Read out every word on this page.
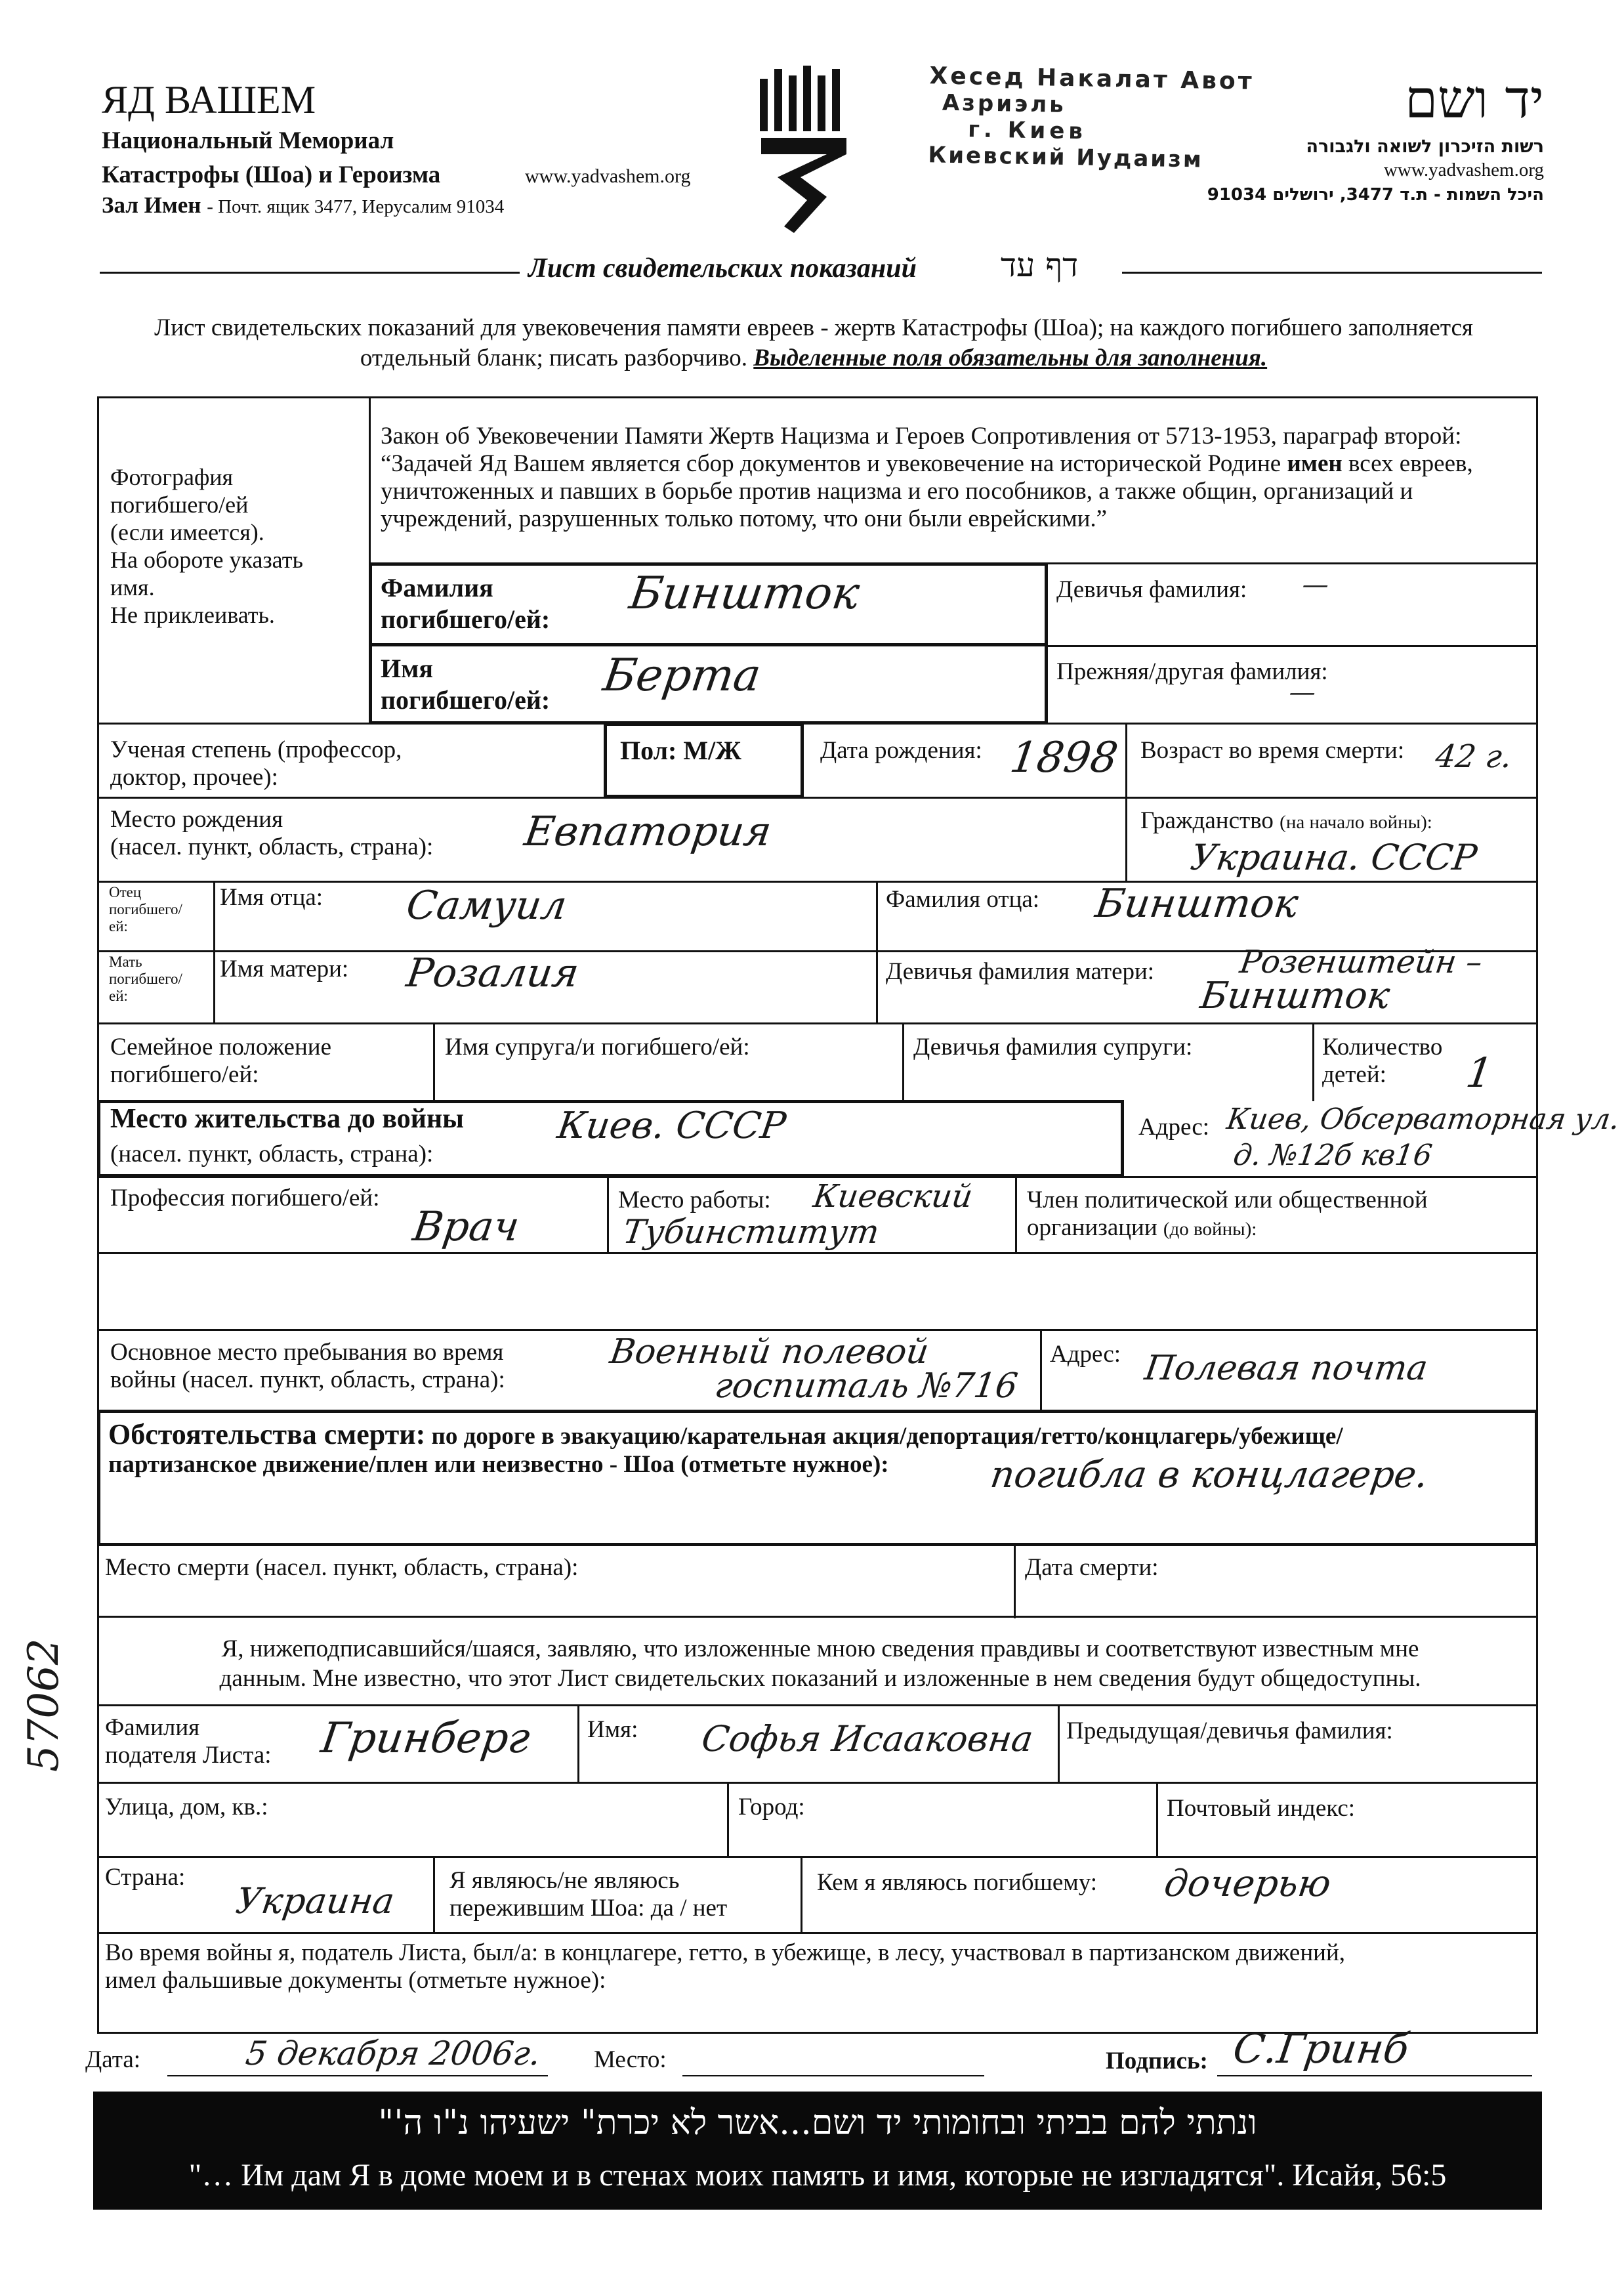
ЯД ВАШЕМ
Национальный Мемориал
Катастрофы (Шоа) и Героизма	www.yadvashem.org
Зал Имен - Почт. ящик 3477, Иерусалим 91034
Хесед Накалат Авот
Азриэль
г. Киев
Киевский Иудаизм
יד ושם
רשות הזיכרון לשואה ולגבורה
www.yadvashem.org
היכל השמות - ת.ד 3477, ירושלים 91034
Лист свидетельских показаний	דף עד
Лист свидетельских показаний для увековечения памяти евреев - жертв Катастрофы (Шоа); на каждого погибшего заполняется отдельный бланк; писать разборчиво. Выделенные поля обязательны для заполнения.
Фотография
погибшего/ей
(если имеется).
На обороте указать
имя.
Не приклеивать.
Закон об Увековечении Памяти Жертв Нацизма и Героев Сопротивления от 5713-1953, параграф второй: “Задачей Яд Вашем является сбор документов и увековечение на исторической Родине имен всех евреев, уничтоженных и павших в борьбе против нацизма и его пособников, а также общин, организаций и учреждений, разрушенных только потому, что они были еврейскими.”
Фамилия
погибшего/ей: Биншток	Девичья фамилия: —
Имя
погибшего/ей: Берта	Прежняя/другая фамилия:
—
Ученая степень (профессор,
доктор, прочее):
Пол: М/Ж	Дата рождения: 1898 Возраст во время смерти: 42 г.
Место рождения
(насел. пункт, область, страна): Евпатория	Гражданство (на начало войны):
Украина. СССР
Отец
погибшего/
ей:
Имя отца: Самуил	Фамилия отца: Биншток
Мать
погибшего/
ей:
Имя матери: Розалия	Девичья фамилия матери:	Розенштейн –
Биншток
Семейное положение
погибшего/ей:
Имя супруга/и погибшего/ей:	Девичья фамилия супруги:	Количество
детей:	1
Место жительства до войны
(насел. пункт, область, страна):
Киев. СССР	Адрес: Киев, Обсерваторная ул.
д. №12б кв16
Профессия погибшего/ей:
Врач
Место работы: Киевский
Тубинститут
Член политической или общественной
организации (до войны):
Основное место пребывания во время
войны (насел. пункт, область, страна):
Военный полевой
госпиталь №716
Адрес: Полевая почта
Обстоятельства смерти: по дороге в эвакуацию/карательная акция/депортация/гетто/концлагерь/убежище/
партизанское движение/плен или неизвестно - Шоа (отметьте нужное):	погибла в концлагере.
Место смерти (насел. пункт, область, страна):	Дата смерти:
Я, нижеподписавшийся/шаяся, заявляю, что изложенные мною сведения правдивы и соответствуют известным мне
данным. Мне известно, что этот Лист свидетельских показаний и изложенные в нем сведения будут общедоступны.
57062 Фамилия
подателя Листа: Гринберг Имя: Софья Исааковна Предыдущая/девичья фамилия:
Улица, дом, кв.:	Город:	Почтовый индекс:
Страна:
Украина Я являюсь/не являюсь
пережившим Шоа: да / нет
Кем я являюсь погибшему: дочерью
Во время войны я, податель Листа, был/а: в концлагере, гетто, в убежище, в лесу, участвовал в партизанском движений,
имел фальшивые документы (отметьте нужное):
Дата:	5 декабря 2006г. Место:	Подпись: С.Гринб
ונתתי להם בביתי ובחומותי יד ושם...אשר לא יכרת" ישעיהו נ"ו ה'"
"… Им дам Я в доме моем и в стенах моих память и имя, которые не изгладятся". Исайя, 56:5
